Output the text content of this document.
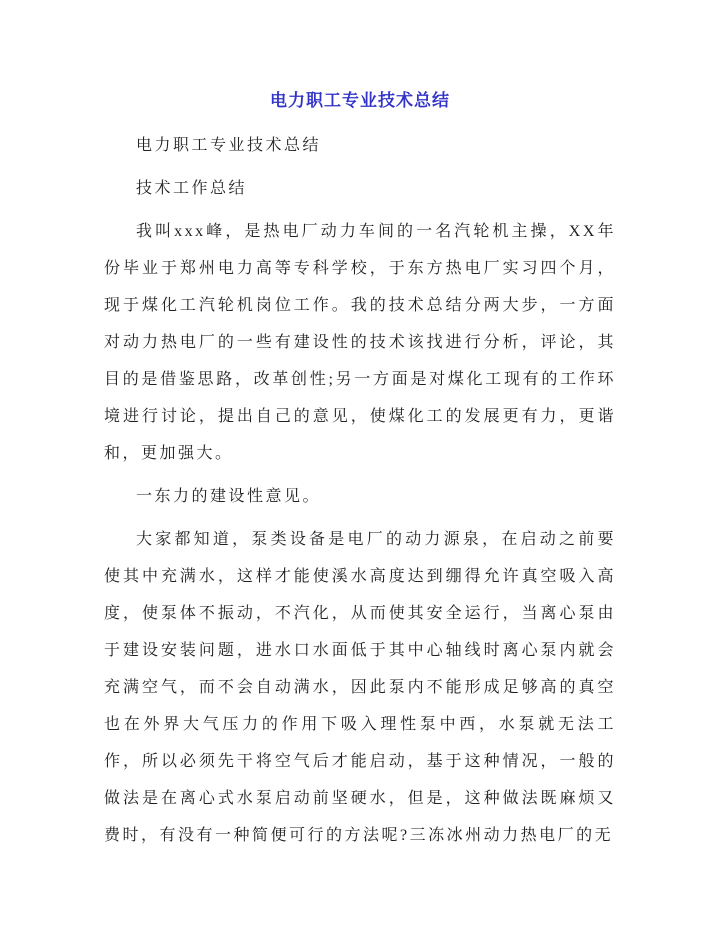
电力职工专业技术总结

电力职工专业技术总结

技术工作总结

我叫xxx峰，是热电厂动力车间的一名汽轮机主操，XX年份毕业于郑州电力高等专科学校，于东方热电厂实习四个月，现于煤化工汽轮机岗位工作。我的技术总结分两大步，一方面对动力热电厂的一些有建设性的技术该找进行分析，评论，其目的是借鉴思路，改革创性;另一方面是对煤化工现有的工作环境进行讨论，提出自己的意见，使煤化工的发展更有力，更谐和，更加强大。

一东力的建设性意见。

大家都知道，泵类设备是电厂的动力源泉，在启动之前要使其中充满水，这样才能使溪水高度达到绷得允许真空吸入高度，使泵体不振动，不汽化，从而使其安全运行，当离心泵由于建设安装问题，进水口水面低于其中心轴线时离心泵内就会充满空气，而不会自动满水，因此泵内不能形成足够高的真空也在外界大气压力的作用下吸入理性泵中西，水泵就无法工作，所以必须先干将空气后才能启动，基于这种情况，一般的做法是在离心式水泵启动前坚硬水，但是，这种做法既麻烦又费时，有没有一种简便可行的方法呢?三冻冰州动力热电厂的无
